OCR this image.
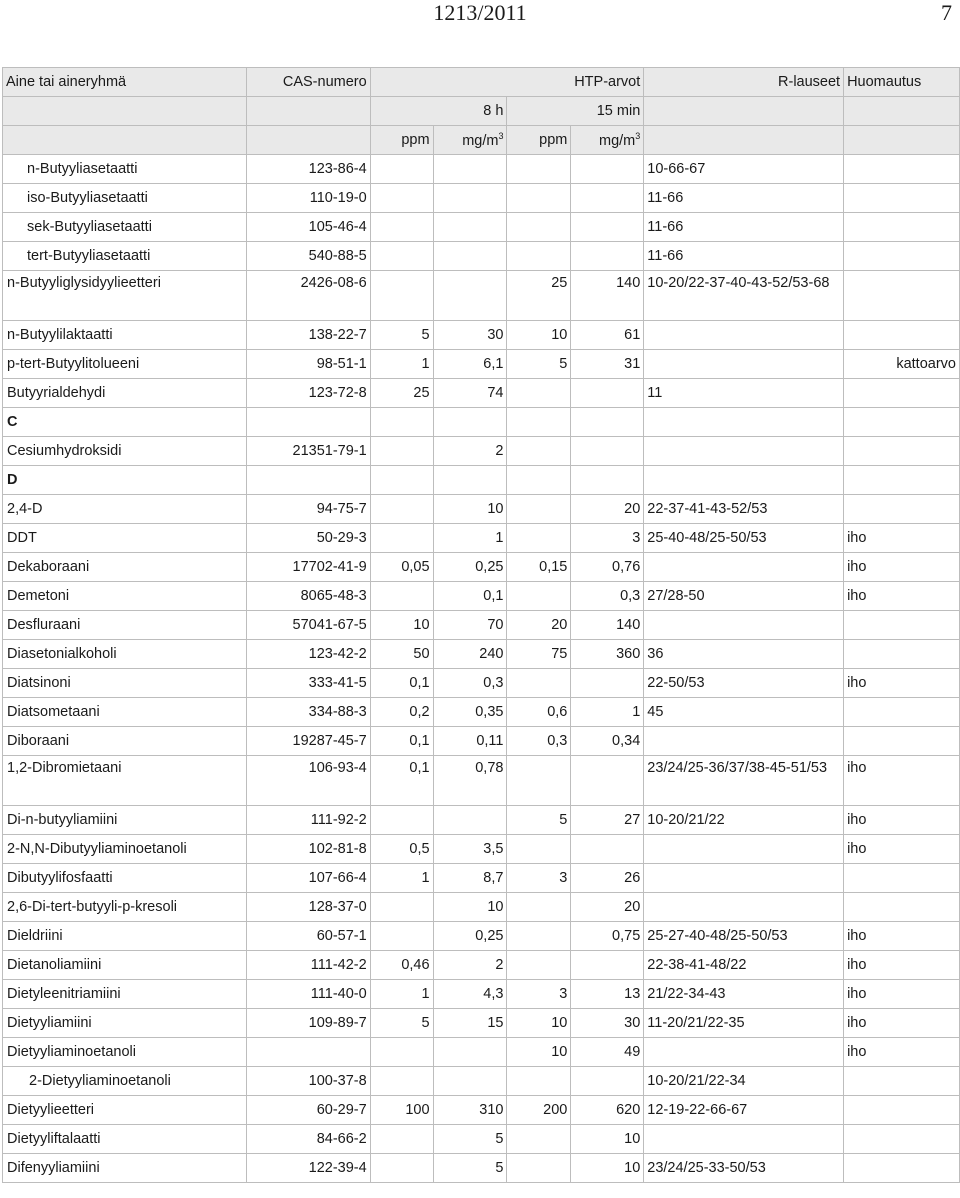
1213/2011	7
Aine tai aineryhmä	CAS-numero	HTP-arvot				R-lauseet	Huomautus
		8 h		15 min			
		ppm	$mg/m^3$	ppm	$mg/m^3$		
n-Butyyliasetaatti	123-86-4					10-66-67	
iso-Butyyliasetaatti	110-19-0					11-66	
sek-Butyyliasetaatti	105-46-4					11-66	
tert-Butyyliasetaatti	540-88-5					11-66	
n-Butyyliglysidyylieetteri	2426-08-6			25	140	10-20/22-37-40-43-52/53-68	
n-Butyylilaktaatti	138-22-7	5	30	10	61		
p-tert-Butyylitolueeni	98-51-1	1	6,1	5	31		kattoarvo
Butyyrialdehydi	123-72-8	25	74			11	
C							
Cesiumhydroksidi	21351-79-1		2				
D							
2,4-D	94-75-7		10		20	22-37-41-43-52/53	
DDT	50-29-3		1		3	25-40-48/25-50/53	iho
Dekaboraani	17702-41-9	0,05	0,25	0,15	0,76		iho
Demetoni	8065-48-3		0,1		0,3	27/28-50	iho
Desfluraani	57041-67-5	10	70	20	140		
Diasetonialkoholi	123-42-2	50	240	75	360	36	
Diatsinoni	333-41-5	0,1	0,3			22-50/53	iho
Diatsometaani	334-88-3	0,2	0,35	0,6	1	45	
Diboraani	19287-45-7	0,1	0,11	0,3	0,34		
1,2-Dibromietaani	106-93-4	0,1	0,78			23/24/25-36/37/38-45-51/53	iho
Di-n-butyyliamiini	111-92-2			5	27	10-20/21/22	iho
2-N,N-Dibutyyliaminoetanoli	102-81-8	0,5	3,5				iho
Dibutyylifosfaatti	107-66-4	1	8,7	3	26		
2,6-Di-tert-butyyli-p-kresoli	128-37-0		10		20		
Dieldriini	60-57-1		0,25		0,75	25-27-40-48/25-50/53	iho
Dietanoliamiini	111-42-2	0,46	2			22-38-41-48/22	iho
Dietyleenitriamiini	111-40-0	1	4,3	3	13	21/22-34-43	iho
Dietyyliamiini	109-89-7	5	15	10	30	11-20/21/22-35	iho
Dietyyliaminoetanoli				10	49		iho
2-Dietyyliaminoetanoli	100-37-8					10-20/21/22-34	
Dietyylieetteri	60-29-7	100	310	200	620	12-19-22-66-67	
Dietyyliftalaatti	84-66-2		5		10		
Difenyyliamiini	122-39-4		5		10	23/24/25-33-50/53	
